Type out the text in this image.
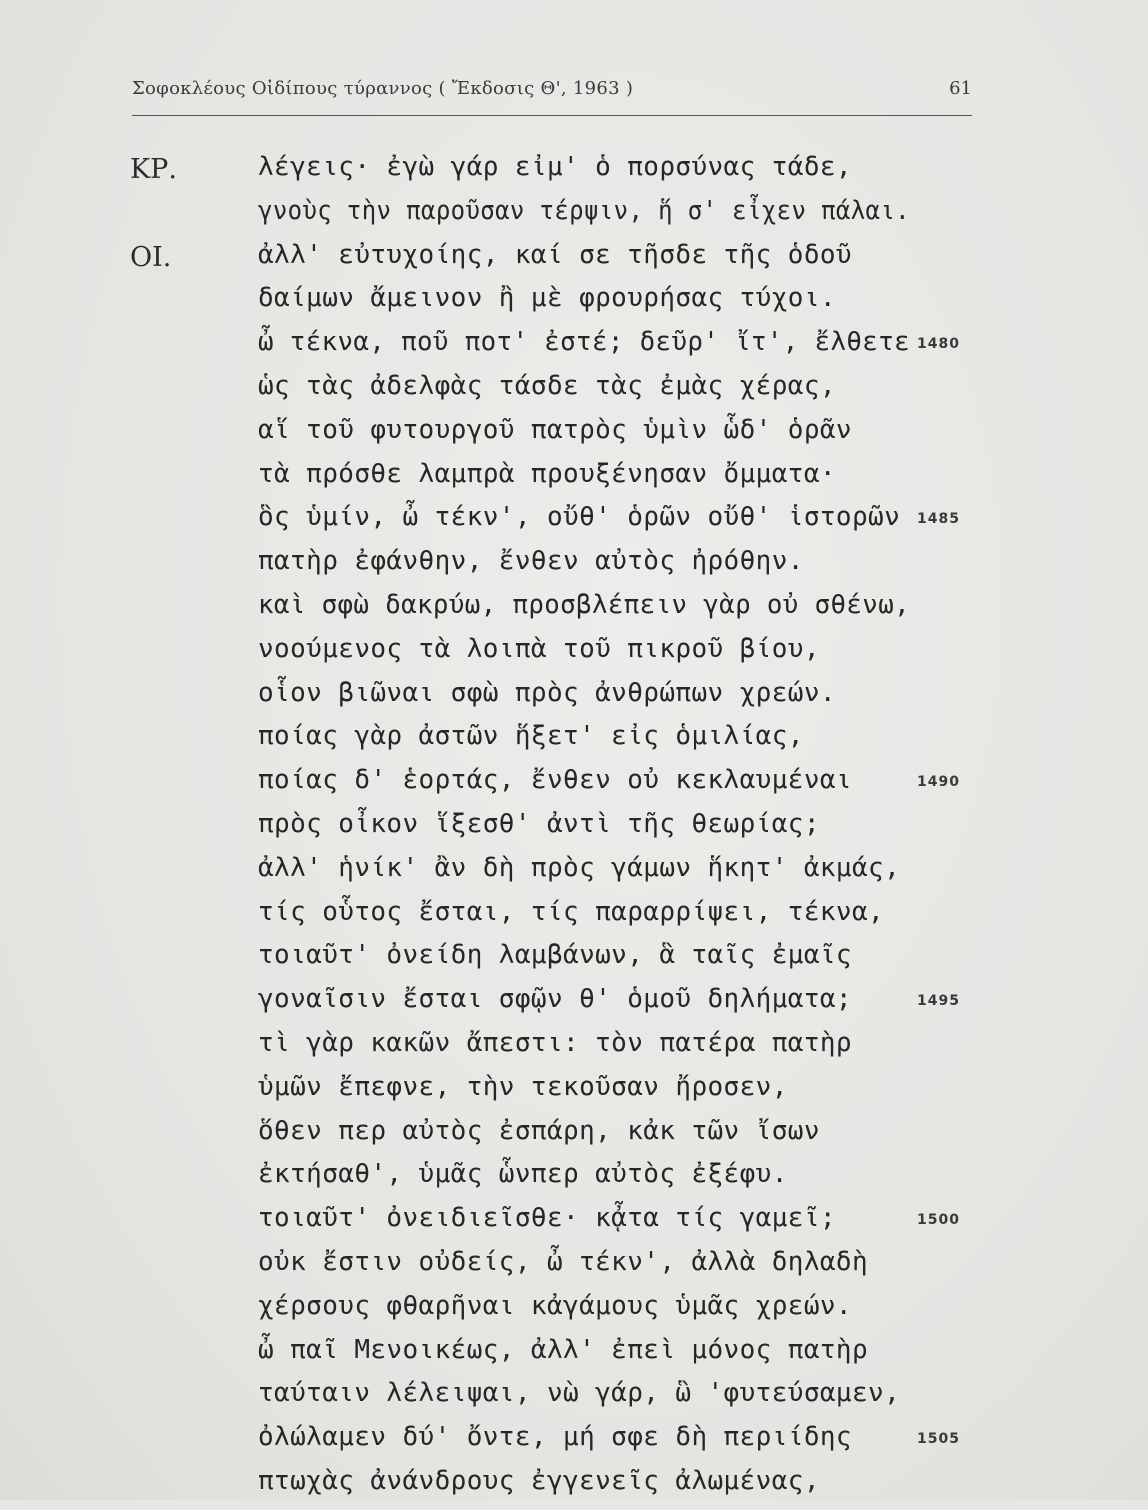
Σοφοκλέους Οἰδίπους τύραννος ( Ἔκδοσις Θ', 1963 )	61
ΚΡ.	λέγεις· ἐγὼ γάρ εἰμ' ὁ πορσύνας τάδε,
γνοὺς τὴν παροῦσαν τέρψιν, ἥ σ' εἶχεν πάλαι.
ΟΙ.	ἀλλ' εὐτυχοίης, καί σε τῆσδε τῆς ὁδοῦ
δαίμων ἄμεινον ἢ μὲ φρουρήσας τύχοι.
ὦ τέκνα, ποῦ ποτ' ἐστέ; δεῦρ' ἴτ', ἔλθετε 1480
ὡς τὰς ἀδελφὰς τάσδε τὰς ἐμὰς χέρας,
αἵ τοῦ φυτουργοῦ πατρὸς ὑμὶν ὧδ' ὁρᾶν
τὰ πρόσθε λαμπρὰ προυξένησαν ὄμματα·
ὃς ὑμίν, ὦ τέκν', οὔθ' ὁρῶν οὔθ' ἱστορῶν 1485
πατὴρ ἐφάνθην, ἔνθεν αὐτὸς ἠρόθην.
καὶ σφὼ δακρύω, προσβλέπειν γὰρ οὐ σθένω,
νοούμενος τὰ λοιπὰ τοῦ πικροῦ βίου,
οἷον βιῶναι σφὼ πρὸς ἀνθρώπων χρεών.
ποίας γὰρ ἀστῶν ἥξετ' εἰς ὁμιλίας,
ποίας δ' ἑορτάς, ἔνθεν οὐ κεκλαυμέναι	1490
πρὸς οἶκον ἵξεσθ' ἀντὶ τῆς θεωρίας;
ἀλλ' ἡνίκ' ἂν δὴ πρὸς γάμων ἥκητ' ἀκμάς,
τίς οὗτος ἔσται, τίς παραρρίψει, τέκνα,
τοιαῦτ' ὀνείδη λαμβάνων, ἃ ταῖς ἐμαῖς
γοναῖσιν ἔσται σφῷν θ' ὁμοῦ δηλήματα;	1495
τὶ γὰρ κακῶν ἄπεστι: τὸν πατέρα πατὴρ
ὑμῶν ἔπεφνε, τὴν τεκοῦσαν ἤροσεν,
ὅθεν περ αὐτὸς ἐσπάρη, κἀκ τῶν ἴσων
ἐκτήσαθ', ὑμᾶς ὧνπερ αὐτὸς ἐξέφυ.
τοιαῦτ' ὀνειδιεῖσθε· κᾆτα τίς γαμεῖ;	1500
οὐκ ἔστιν οὐδείς, ὦ τέκν', ἀλλὰ δηλαδὴ
χέρσους φθαρῆναι κἀγάμους ὑμᾶς χρεών.
ὦ παῖ Μενοικέως, ἀλλ' ἐπεὶ μόνος πατὴρ
ταύταιν λέλειψαι, νὼ γάρ, ὣ 'φυτεύσαμεν,
ὀλώλαμεν δύ' ὄντε, μή σφε δὴ περιίδης	1505
πτωχὰς ἀνάνδρους ἐγγενεῖς ἀλωμένας,
